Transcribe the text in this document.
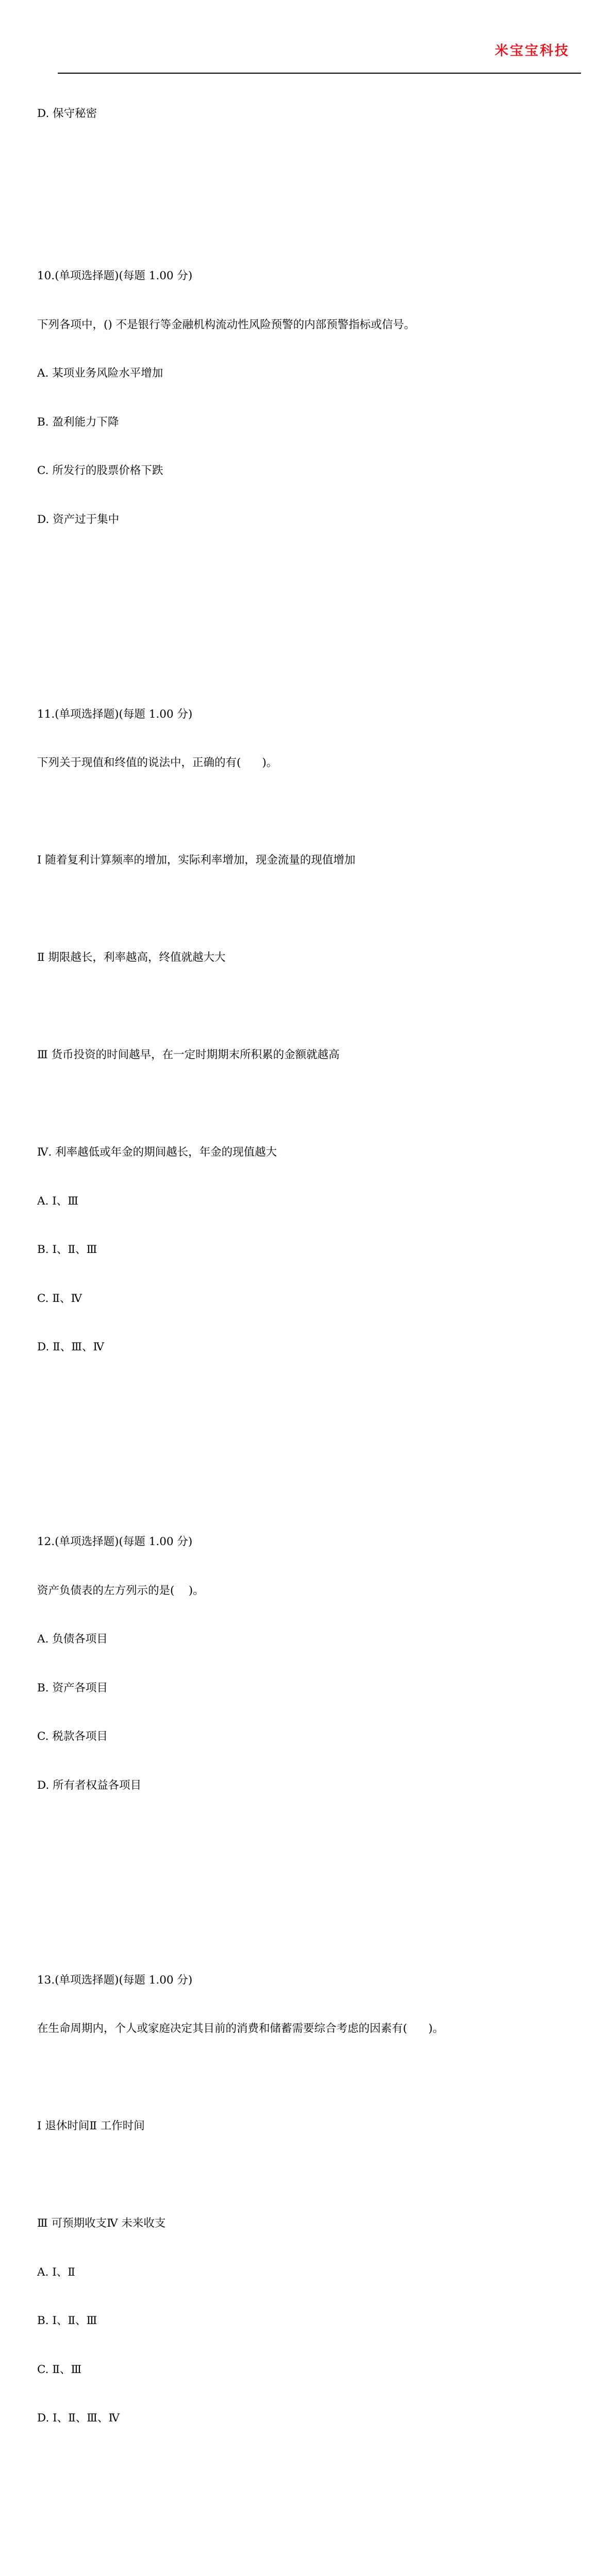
米宝宝科技

D. 保守秘密

10.(单项选择题)(每题 1.00 分)

下列各项中，() 不是银行等金融机构流动性风险预警的内部预警指标或信号。

A. 某项业务风险水平增加

B. 盈利能力下降

C. 所发行的股票价格下跌

D. 资产过于集中

11.(单项选择题)(每题 1.00 分)

下列关于现值和终值的说法中，正确的有(      )。

Ⅰ 随着复利计算频率的增加，实际利率增加，现金流量的现值增加

Ⅱ 期限越长，利率越高，终值就越大大

Ⅲ 货币投资的时间越早，在一定时期期末所积累的金额就越高

Ⅳ. 利率越低或年金的期间越长，年金的现值越大

A. Ⅰ、Ⅲ

B. Ⅰ、Ⅱ、Ⅲ

C. Ⅱ、Ⅳ

D. Ⅱ、Ⅲ、Ⅳ

12.(单项选择题)(每题 1.00 分)

资产负债表的左方列示的是(    )。

A. 负债各项目

B. 资产各项目

C. 税款各项目

D. 所有者权益各项目

13.(单项选择题)(每题 1.00 分)

在生命周期内，个人或家庭决定其目前的消费和储蓄需要综合考虑的因素有(      )。

Ⅰ 退休时间Ⅱ 工作时间

Ⅲ 可预期收支Ⅳ 未来收支

A. Ⅰ、Ⅱ

B. Ⅰ、Ⅱ、Ⅲ

C. Ⅱ、Ⅲ

D. Ⅰ、Ⅱ、Ⅲ、Ⅳ
